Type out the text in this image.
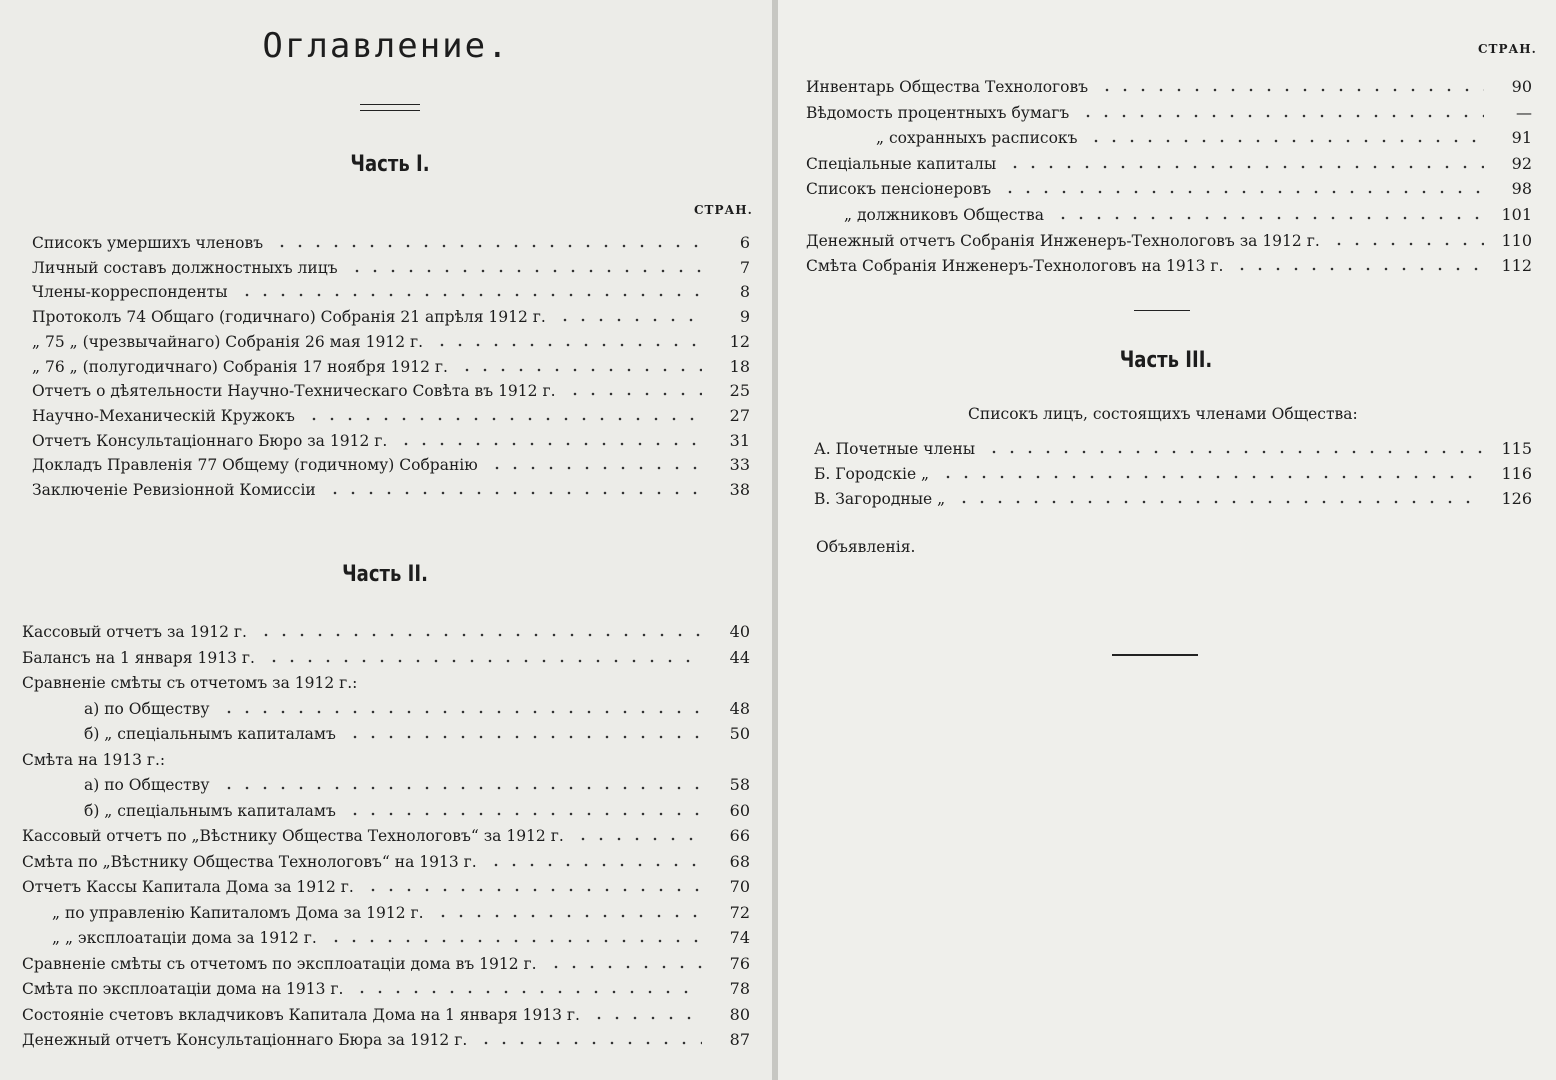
Оглавление.
Часть I.
СТРАН.
Списокъ умершихъ членовъ	6
Личный составъ должностныхъ лицъ	7
Члены-корреспонденты	8
Протоколъ 74 Общаго (годичнаго) Собранія 21 апрѣля 1912 г.	9
„ 75 „ (чрезвычайнаго) Собранія 26 мая 1912 г.	12
„ 76 „ (полугодичнаго) Собранія 17 ноября 1912 г.	18
Отчетъ о дѣятельности Научно-Техническаго Совѣта въ 1912 г.	25
Научно-Механическій Кружокъ	27
Отчетъ Консультаціоннаго Бюро за 1912 г.	31
Докладъ Правленія 77 Общему (годичному) Собранію	33
Заключеніе Ревизіонной Комиссіи	38
Часть II.
Кассовый отчетъ за 1912 г.	40
Балансъ на 1 января 1913 г.	44
Сравненіе смѣты съ отчетомъ за 1912 г.:
а) по Обществу	48
б) „ спеціальнымъ капиталамъ	50
Смѣта на 1913 г.:
а) по Обществу	58
б) „ спеціальнымъ капиталамъ	60
Кассовый отчетъ по „Вѣстнику Общества Технологовъ“ за 1912 г.	66
Смѣта по „Вѣстнику Общества Технологовъ“ на 1913 г.	68
Отчетъ Кассы Капитала Дома за 1912 г.	70
„ по управленію Капиталомъ Дома за 1912 г.	72
„ „ эксплоатаціи дома за 1912 г.	74
Сравненіе смѣты съ отчетомъ по эксплоатаціи дома въ 1912 г.	76
Смѣта по эксплоатаціи дома на 1913 г.	78
Состояніе счетовъ вкладчиковъ Капитала Дома на 1 января 1913 г.	80
Денежный отчетъ Консультаціоннаго Бюра за 1912 г.	87
СТРАН.
Инвентарь Общества Технологовъ	90
Вѣдомость процентныхъ бумагъ	—
„ сохранныхъ расписокъ	91
Спеціальные капиталы	92
Списокъ пенсіонеровъ	98
„ должниковъ Общества	101
Денежный отчетъ Собранія Инженеръ-Технологовъ за 1912 г.	110
Смѣта Собранія Инженеръ-Технологовъ на 1913 г.	112
Часть III.
Списокъ лицъ, состоящихъ членами Общества:
А. Почетные члены	115
Б. Городскіе „	116
В. Загородные „	126
Объявленія.
